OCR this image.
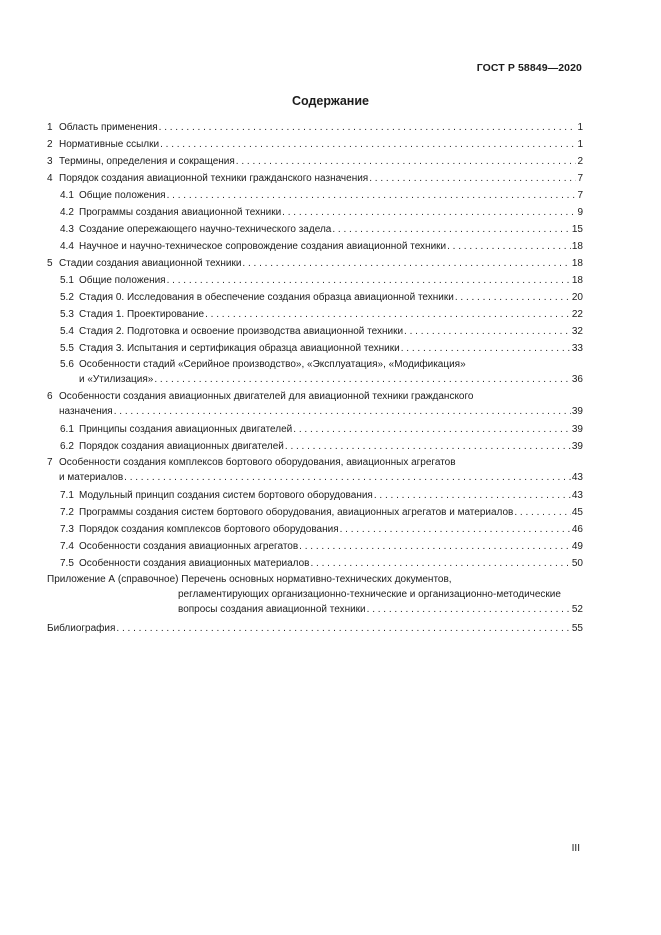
ГОСТ Р 58849—2020
Содержание
1 Область применения . . .	1
2 Нормативные ссылки . . .	1
3 Термины, определения и сокращения . . .	2
4 Порядок создания авиационной техники гражданского назначения . . .	7
4.1 Общие положения . . .	7
4.2 Программы создания авиационной техники . . .	9
4.3 Создание опережающего научно-технического задела . . .	15
4.4 Научное и научно-техническое сопровождение создания авиационной техники . . .	18
5 Стадии создания авиационной техники . . .	18
5.1 Общие положения . . .	18
5.2 Стадия 0. Исследования в обеспечение создания образца авиационной техники . . .	20
5.3 Стадия 1. Проектирование . . .	22
5.4 Стадия 2. Подготовка и освоение производства авиационной техники . . .	32
5.5 Стадия 3. Испытания и сертификация образца авиационной техники . . .	33
5.6 Особенности стадий «Серийное производство», «Эксплуатация», «Модификация»
и «Утилизация» . . .	36
6 Особенности создания авиационных двигателей для авиационной техники гражданского
назначения . . .	39
6.1 Принципы создания авиационных двигателей . . .	39
6.2 Порядок создания авиационных двигателей . . .	39
7 Особенности создания комплексов бортового оборудования, авиационных агрегатов
и материалов . . .	43
7.1 Модульный принцип создания систем бортового оборудования . . .	43
7.2 Программы создания систем бортового оборудования, авиационных агрегатов и материалов . . .	45
7.3 Порядок создания комплексов бортового оборудования . . .	46
7.4 Особенности создания авиационных агрегатов . . .	49
7.5 Особенности создания авиационных материалов . . .	50
Приложение А (справочное) Перечень основных нормативно-технических документов,
регламентирующих организационно-технические и организационно-методические
вопросы создания авиационной техники . . .	52
Библиография . . .	55
III
